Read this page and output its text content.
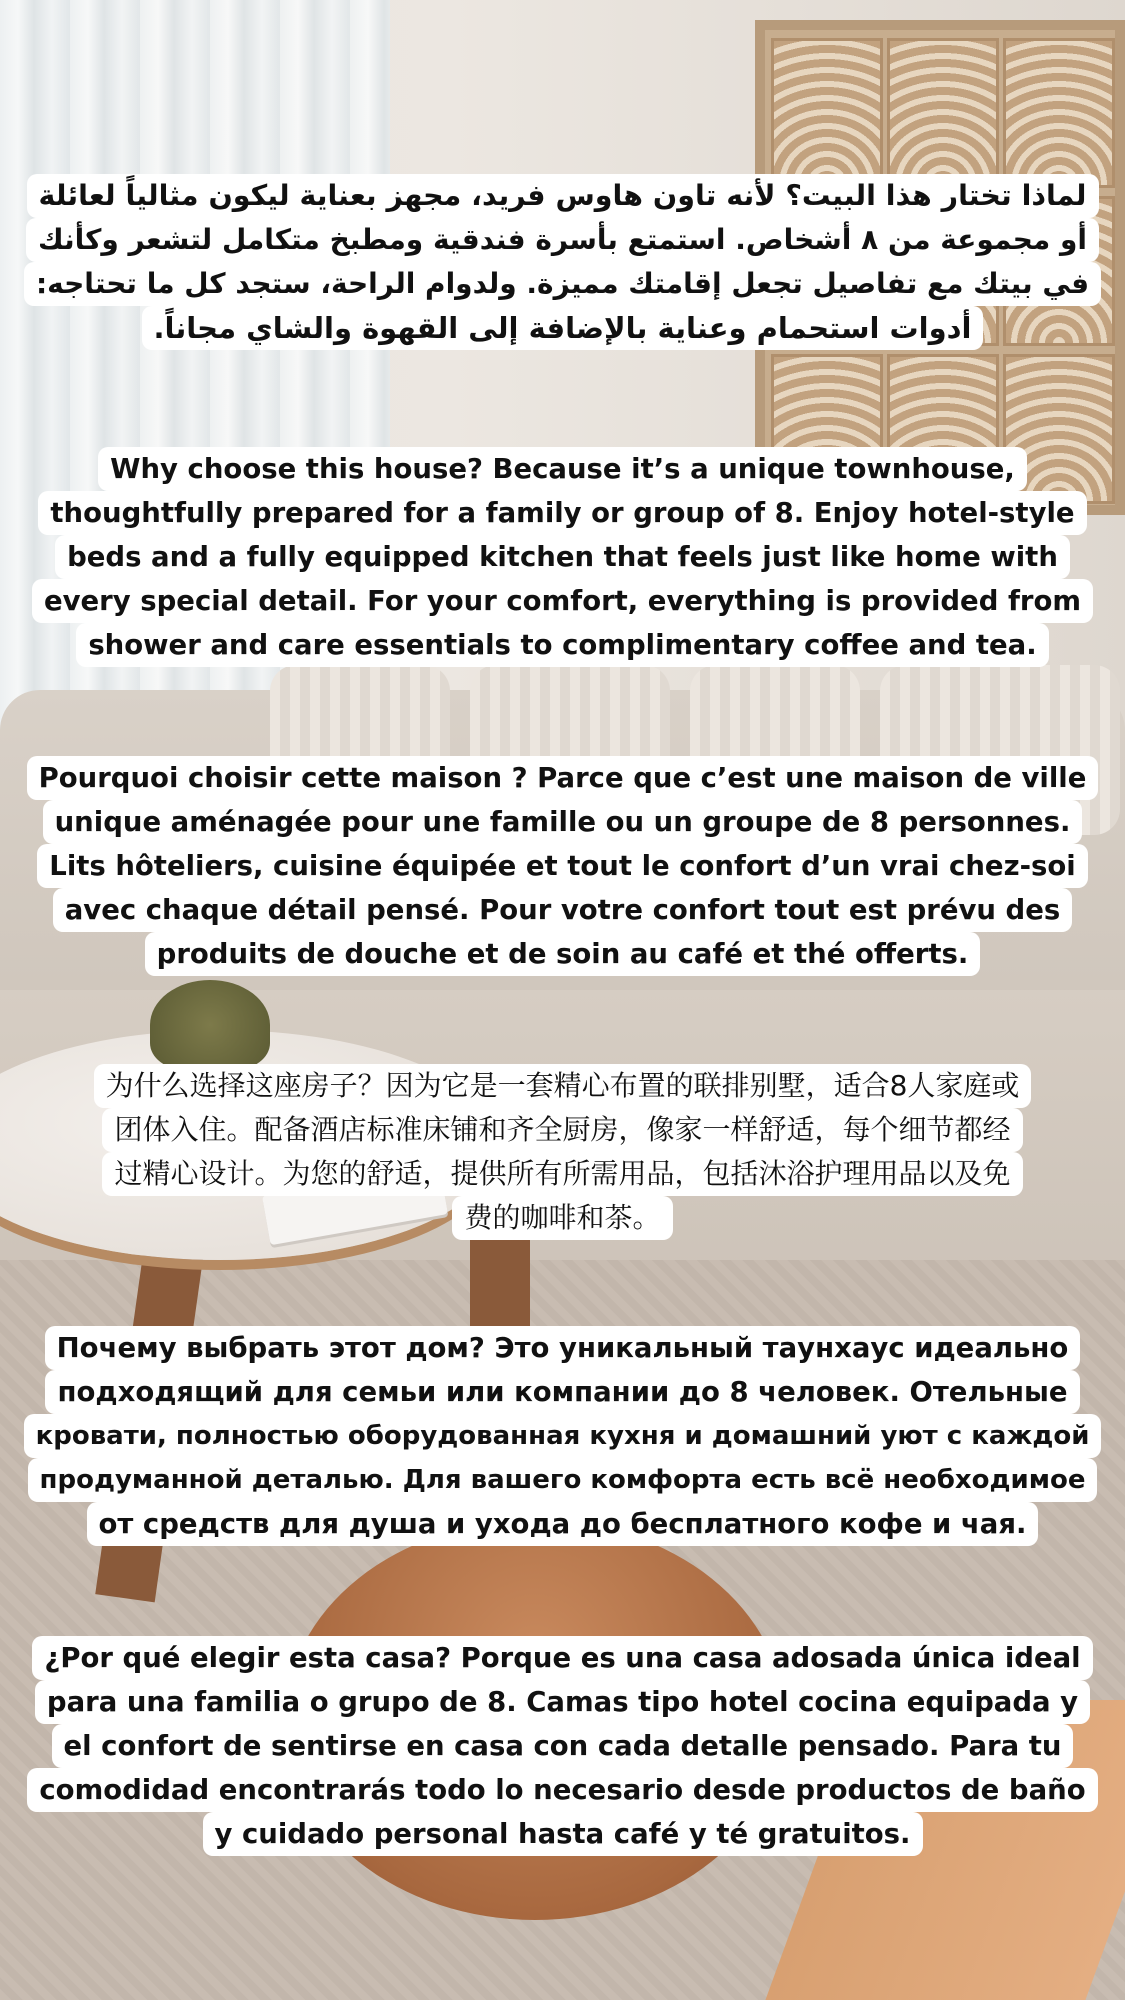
لماذا تختار هذا البيت؟ لأنه تاون هاوس فريد، مجهز بعناية ليكون مثالياً لعائلة
أو مجموعة من ٨ أشخاص. استمتع بأسرة فندقية ومطبخ متكامل لتشعر وكأنك
في بيتك مع تفاصيل تجعل إقامتك مميزة. ولدوام الراحة، ستجد كل ما تحتاجه:
أدوات استحمام وعناية بالإضافة إلى القهوة والشاي مجاناً.
Why choose this house? Because it’s a unique townhouse,
thoughtfully prepared for a family or group of 8. Enjoy hotel-style
beds and a fully equipped kitchen that feels just like home with
every special detail. For your comfort, everything is provided from
shower and care essentials to complimentary coffee and tea.
Pourquoi choisir cette maison ? Parce que c’est une maison de ville
unique aménagée pour une famille ou un groupe de 8 personnes.
Lits hôteliers, cuisine équipée et tout le confort d’un vrai chez-soi
avec chaque détail pensé. Pour votre confort tout est prévu des
produits de douche et de soin au café et thé offerts.
为什么选择这座房子？因为它是一套精心布置的联排别墅，适合8人家庭或
团体入住。配备酒店标准床铺和齐全厨房，像家一样舒适，每个细节都经
过精心设计。为您的舒适，提供所有所需用品，包括沐浴护理用品以及免
费的咖啡和茶。
Почему выбрать этот дом? Это уникальный таунхаус идеально
подходящий для семьи или компании до 8 человек. Отельные
кровати, полностью оборудованная кухня и домашний уют с каждой
продуманной деталью. Для вашего комфорта есть всё необходимое
от средств для душа и ухода до бесплатного кофе и чая.
¿Por qué elegir esta casa? Porque es una casa adosada única ideal
para una familia o grupo de 8. Camas tipo hotel cocina equipada y
el confort de sentirse en casa con cada detalle pensado. Para tu
comodidad encontrarás todo lo necesario desde productos de baño
y cuidado personal hasta café y té gratuitos.
